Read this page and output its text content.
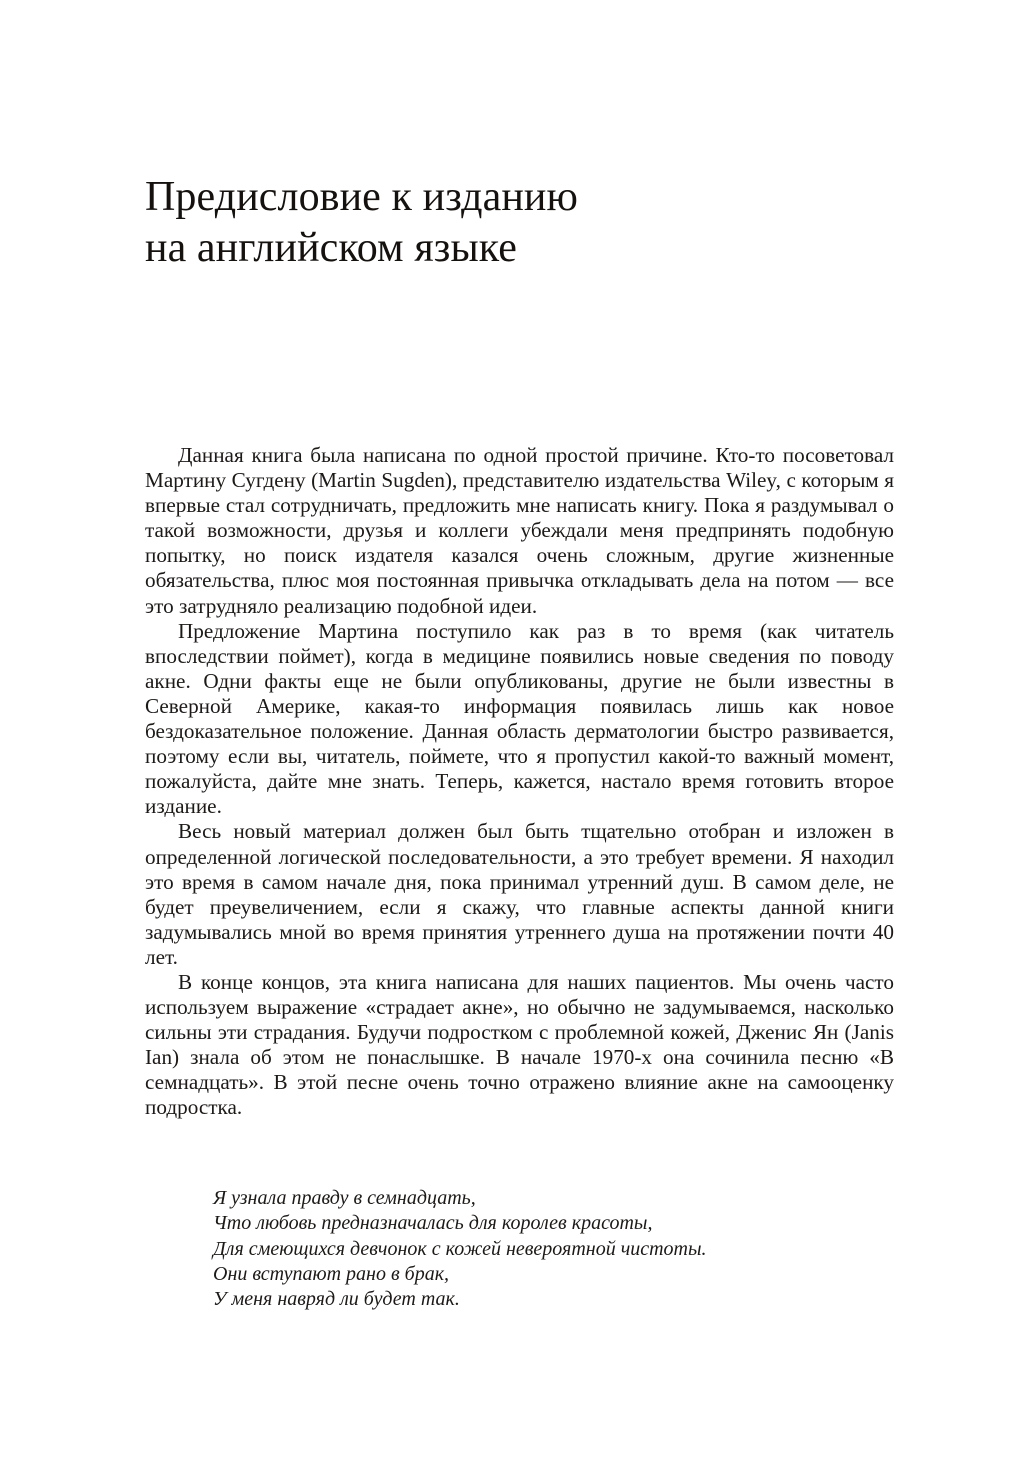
Предисловие к изданию
на английском языке

Данная книга была написана по одной простой причине. Кто-то посоветовал Мартину Сугдену (Martin Sugden), представителю издательства Wiley, с которым я впервые стал сотрудничать, предложить мне написать книгу. Пока я раздумывал о такой возможности, друзья и коллеги убеждали меня предпринять подобную попытку, но поиск издателя казался очень сложным, другие жизненные обязательства, плюс моя постоянная привычка откладывать дела на потом — все это затрудняло реализацию подобной идеи.

Предложение Мартина поступило как раз в то время (как читатель впоследствии поймет), когда в медицине появились новые сведения по поводу акне. Одни факты еще не были опубликованы, другие не были известны в Северной Америке, какая-то информация появилась лишь как новое бездоказательное положение. Данная область дерматологии быстро развивается, поэтому если вы, читатель, поймете, что я пропустил какой-то важный момент, пожалуйста, дайте мне знать. Теперь, кажется, настало время готовить второе издание.

Весь новый материал должен был быть тщательно отобран и изложен в определенной логической последовательности, а это требует времени. Я находил это время в самом начале дня, пока принимал утренний душ. В самом деле, не будет преувеличением, если я скажу, что главные аспекты данной книги задумывались мной во время принятия утреннего душа на протяжении почти 40 лет.

В конце концов, эта книга написана для наших пациентов. Мы очень часто используем выражение «страдает акне», но обычно не задумываемся, насколько сильны эти страдания. Будучи подростком с проблемной кожей, Дженис Ян (Janis Ian) знала об этом не понаслышке. В начале 1970-х она сочинила песню «В семнадцать». В этой песне очень точно отражено влияние акне на самооценку подростка.

Я узнала правду в семнадцать,
Что любовь предназначалась для королев красоты,
Для смеющихся девчонок с кожей невероятной чистоты.
Они вступают рано в брак,
У меня навряд ли будет так.
